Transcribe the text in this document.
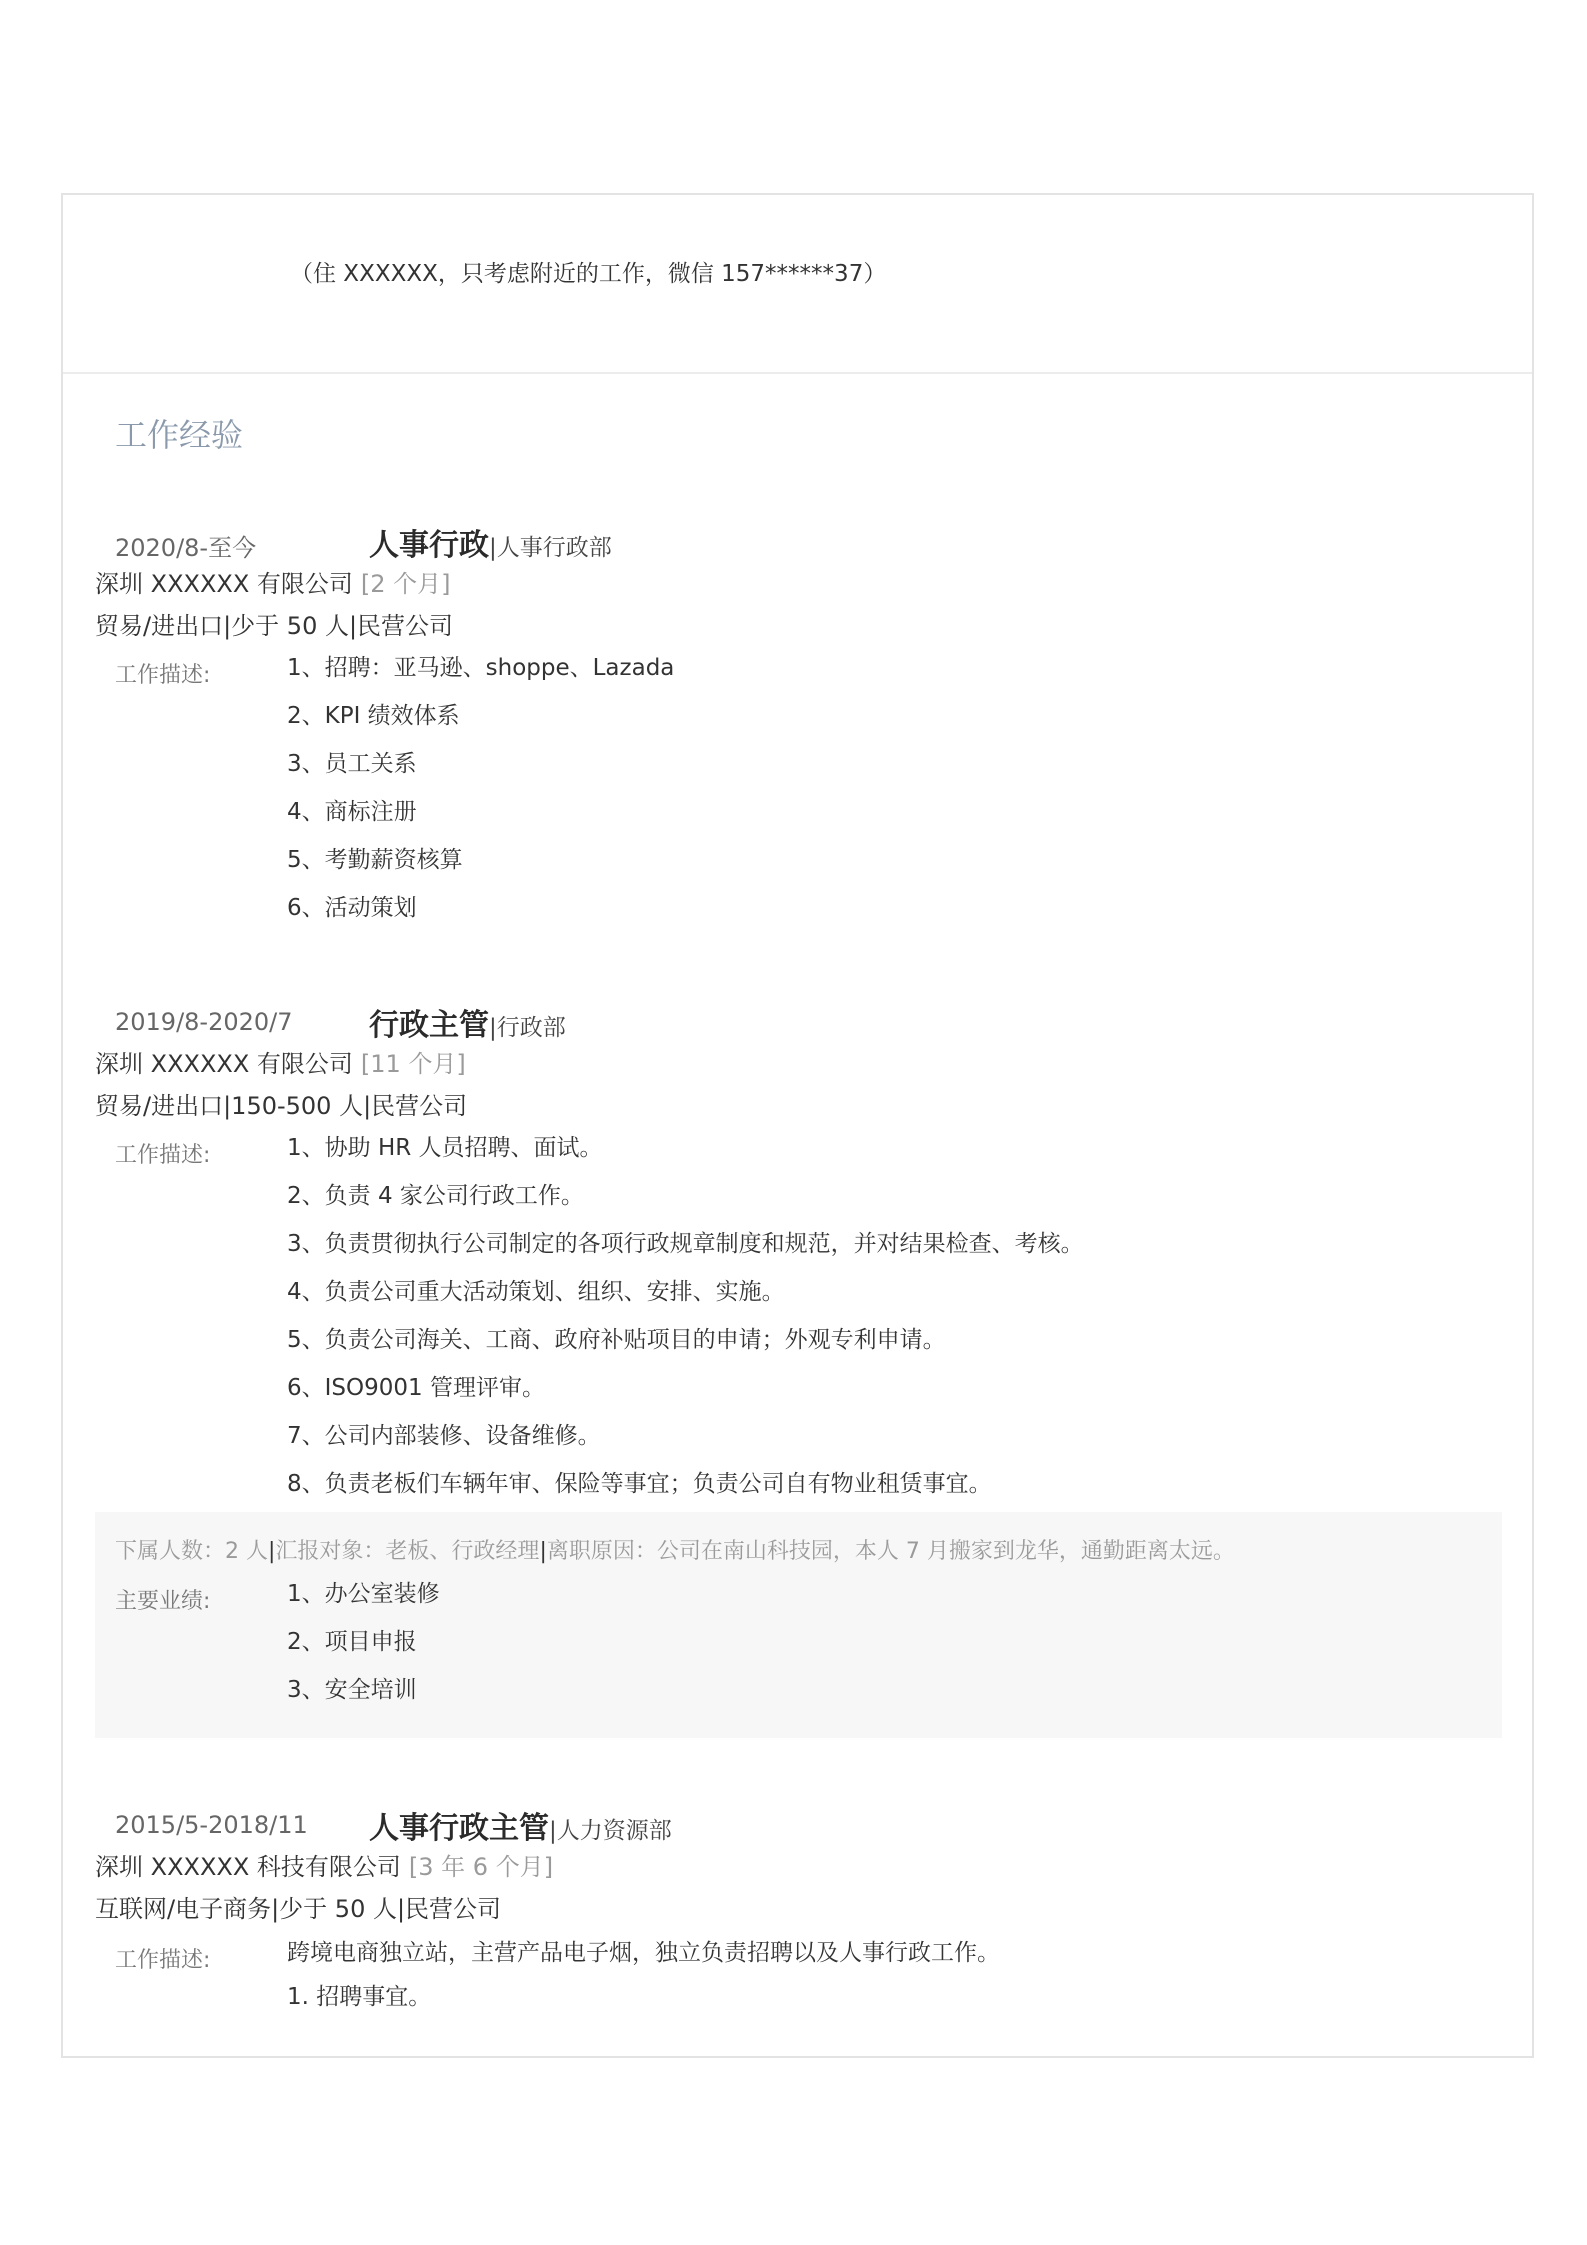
（住 XXXXXX，只考虑附近的工作，微信 157******37）
工作经验
2020/8-至今	人事行政|人事行政部
深圳 XXXXXX 有限公司 [2 个月]
贸易/进出口|少于 50 人|民营公司
工作描述:	1、招聘：亚马逊、shoppe、Lazada
2、KPI 绩效体系
3、员工关系
4、商标注册
5、考勤薪资核算
6、活动策划
2019/8-2020/7	行政主管|行政部
深圳 XXXXXX 有限公司 [11 个月]
贸易/进出口|150-500 人|民营公司
工作描述:	1、协助 HR 人员招聘、面试。
2、负责 4 家公司行政工作。
3、负责贯彻执行公司制定的各项行政规章制度和规范，并对结果检查、考核。
4、负责公司重大活动策划、组织、安排、实施。
5、负责公司海关、工商、政府补贴项目的申请；外观专利申请。
6、ISO9001 管理评审。
7、公司内部装修、设备维修。
8、负责老板们车辆年审、保险等事宜；负责公司自有物业租赁事宜。
下属人数：2 人|汇报对象：老板、行政经理|离职原因：公司在南山科技园，本人 7 月搬家到龙华，通勤距离太远。
主要业绩:	1、办公室装修
2、项目申报
3、安全培训
2015/5-2018/11 人事行政主管|人力资源部
深圳 XXXXXX 科技有限公司 [3 年 6 个月]
互联网/电子商务|少于 50 人|民营公司
工作描述:	跨境电商独立站，主营产品电子烟，独立负责招聘以及人事行政工作。
1. 招聘事宜。
